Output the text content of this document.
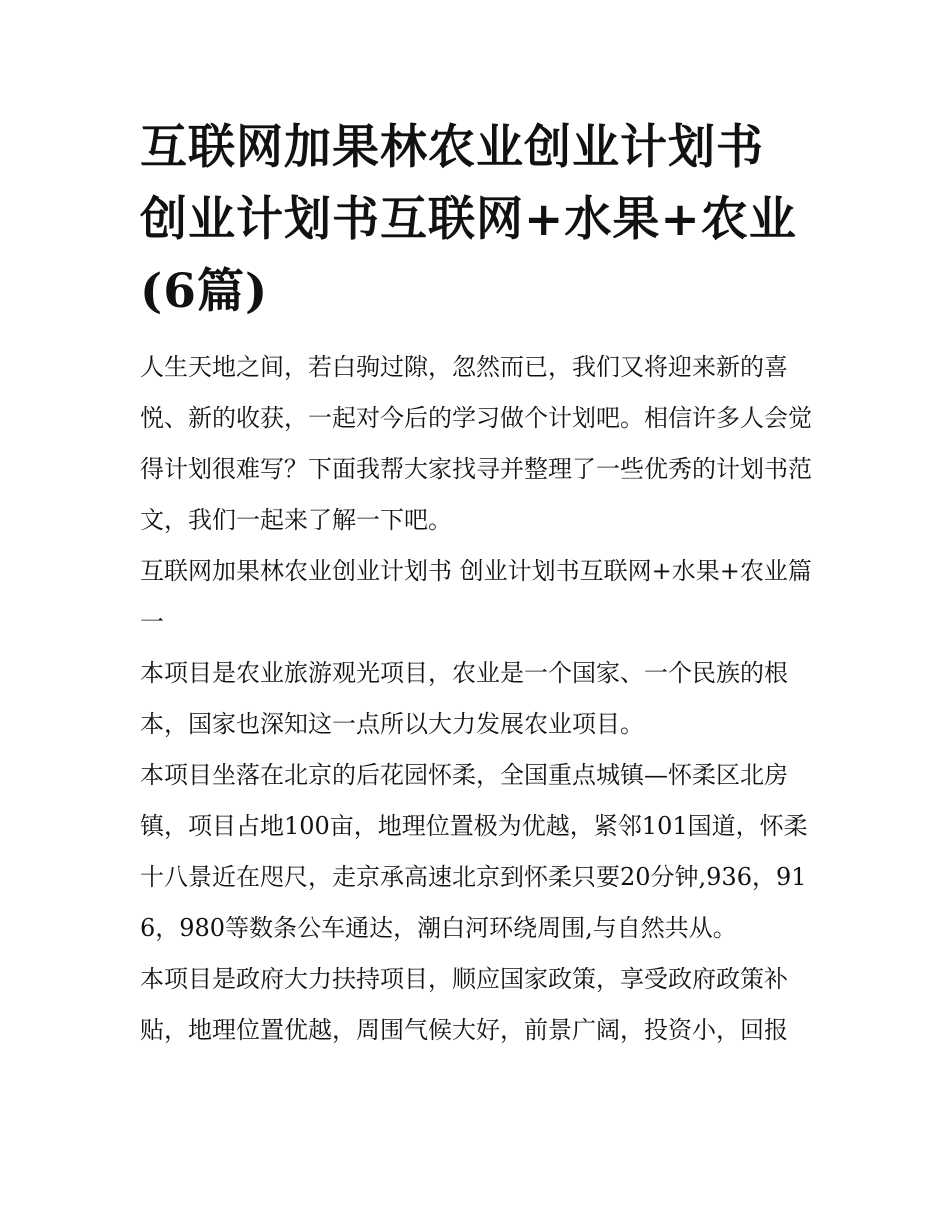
互联网加果林农业创业计划书 创业计划书互联网+水果+农业(6篇)

人生天地之间，若白驹过隙，忽然而已，我们又将迎来新的喜悦、新的收获，一起对今后的学习做个计划吧。相信许多人会觉得计划很难写？下面我帮大家找寻并整理了一些优秀的计划书范文，我们一起来了解一下吧。

互联网加果林农业创业计划书 创业计划书互联网+水果+农业篇一

本项目是农业旅游观光项目，农业是一个国家、一个民族的根本，国家也深知这一点所以大力发展农业项目。

本项目坐落在北京的后花园怀柔，全国重点城镇—怀柔区北房镇，项目占地100亩，地理位置极为优越，紧邻101国道，怀柔十八景近在咫尺，走京承高速北京到怀柔只要20分钟,936，916，980等数条公车通达，潮白河环绕周围,与自然共从。

本项目是政府大力扶持项目，顺应国家政策，享受政府政策补贴，地理位置优越，周围气候大好，前景广阔，投资小，回报
